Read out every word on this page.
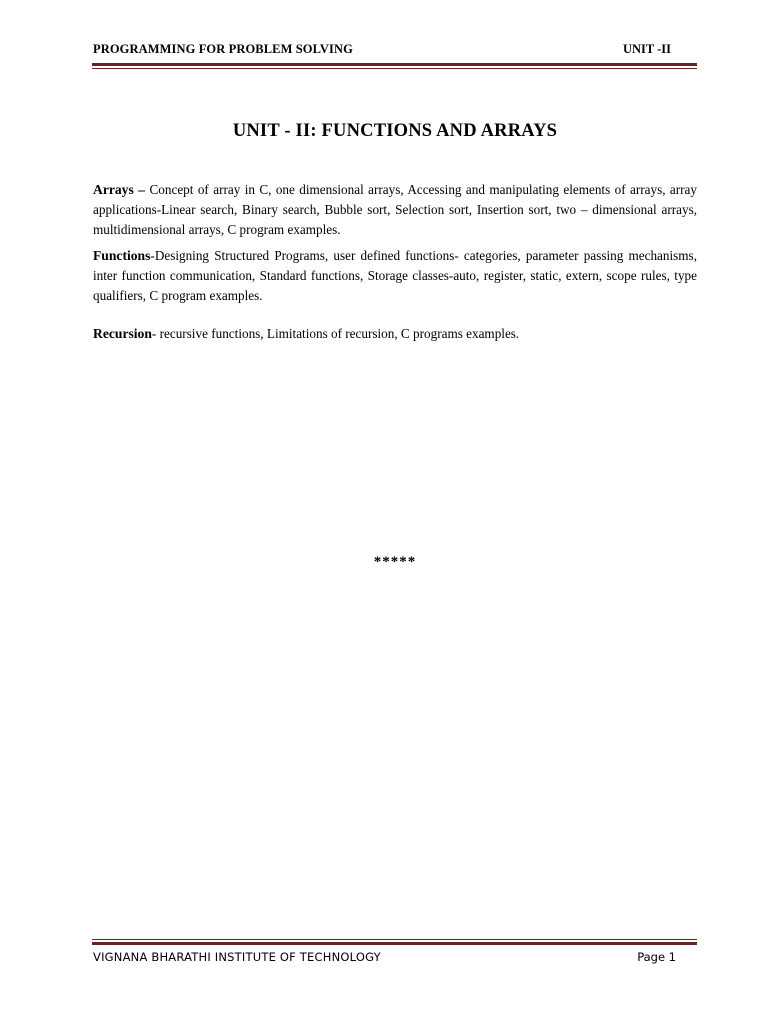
PROGRAMMING FOR PROBLEM SOLVING	UNIT -II
UNIT - II: FUNCTIONS AND ARRAYS
Arrays – Concept of array in C, one dimensional arrays, Accessing and manipulating elements of arrays, array applications-Linear search, Binary search, Bubble sort, Selection sort, Insertion sort, two – dimensional arrays, multidimensional arrays, C program examples.
Functions-Designing Structured Programs, user defined functions- categories, parameter passing mechanisms, inter function communication, Standard functions, Storage classes-auto, register, static, extern, scope rules, type qualifiers, C program examples.
Recursion- recursive functions, Limitations of recursion, C programs examples.
*****
VIGNANA BHARATHI INSTITUTE OF TECHNOLOGY	Page 1
